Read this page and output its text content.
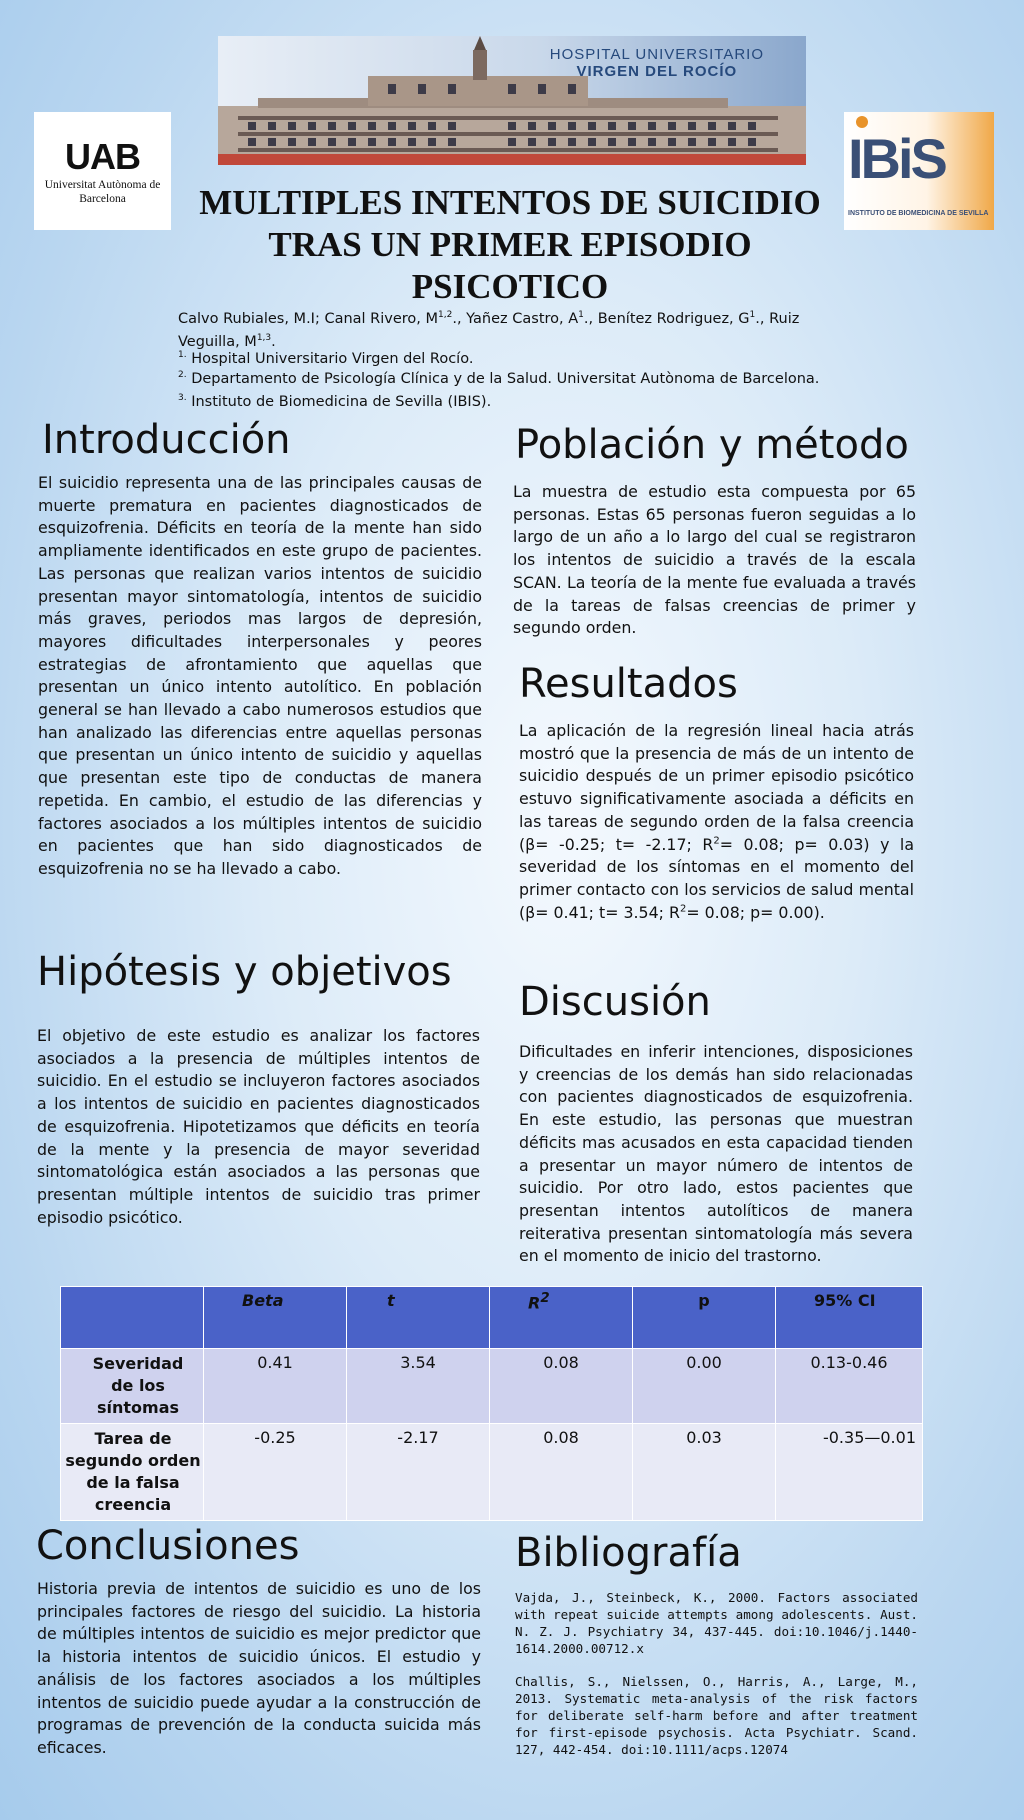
UAB
Universitat Autònoma de Barcelona
HOSPITAL UNIVERSITARIO
VIRGEN DEL ROCÍO
IBiS
INSTITUTO DE BIOMEDICINA DE SEVILLA
MULTIPLES INTENTOS DE SUICIDIO
TRAS UN PRIMER EPISODIO
PSICOTICO
Calvo Rubiales, M.I; Canal Rivero, M$^{1,2}$., Yañez Castro, $A^1$., Benítez Rodriguez, $G^1$., Ruiz Veguilla, M$^{1,3}$.
$^{1.}$ Hospital Universitario Virgen del Rocío.
$^{2.}$ Departamento de Psicología Clínica y de la Salud. Universitat Autònoma de Barcelona.
$^{3.}$ Instituto de Biomedicina de Sevilla (IBIS).
Introducción
El suicidio representa una de las principales causas de muerte prematura en pacientes diagnosticados de esquizofrenia. Déficits en teoría de la mente han sido ampliamente identificados en este grupo de pacientes. Las personas que realizan varios intentos de suicidio presentan mayor sintomatología, intentos de suicidio más graves, periodos mas largos de depresión, mayores dificultades interpersonales y peores estrategias de afrontamiento que aquellas que presentan un único intento autolítico. En población general se han llevado a cabo numerosos estudios que han analizado las diferencias entre aquellas personas que presentan un único intento de suicidio y aquellas que presentan este tipo de conductas de manera repetida. En cambio, el estudio de las diferencias y factores asociados a los múltiples intentos de suicidio en pacientes que han sido diagnosticados de esquizofrenia no se ha llevado a cabo.
Hipótesis y objetivos
El objetivo de este estudio es analizar los factores asociados a la presencia de múltiples intentos de suicidio. En el estudio se incluyeron factores asociados a los intentos de suicidio en pacientes diagnosticados de esquizofrenia. Hipotetizamos que déficits en teoría de la mente y la presencia de mayor severidad sintomatológica están asociados a las personas que presentan múltiple intentos de suicidio tras primer episodio psicótico.
Población y método
La muestra de estudio esta compuesta por 65 personas. Estas 65 personas fueron seguidas a lo largo de un año a lo largo del cual se registraron los intentos de suicidio a través de la escala SCAN. La teoría de la mente fue evaluada a través de la tareas de falsas creencias de primer y segundo orden.
Resultados
La aplicación de la regresión lineal hacia atrás mostró que la presencia de más de un intento de suicidio después de un primer episodio psicótico estuvo significativamente asociada a déficits en las tareas de segundo orden de la falsa creencia (β= -0.25; t= -2.17; $R^2= 0.08$; p= 0.03) y la severidad de los síntomas en el momento del primer contacto con los servicios de salud mental (β= 0.41; t= 3.54; $R^2= 0.08$; p= 0.00).
Discusión
Dificultades en inferir intenciones, disposiciones y creencias de los demás han sido relacionadas con pacientes diagnosticados de esquizofrenia. En este estudio, las personas que muestran déficits mas acusados en esta capacidad tienden a presentar un mayor número de intentos de suicidio. Por otro lado, estos pacientes que presentan intentos autolíticos de manera reiterativa presentan sintomatología más severa en el momento de inicio del trastorno.
	Beta	t	$R^2$	p	95% CI
Severidad de los síntomas	0.41	3.54	0.08	0.00	0.13-0.46
Tarea de segundo orden de la falsa creencia	-0.25	-2.17	0.08	0.03	-0.35—0.01
Conclusiones
Historia previa de intentos de suicidio es uno de los principales factores de riesgo del suicidio. La historia de múltiples intentos de suicidio es mejor predictor que la historia intentos de suicidio únicos. El estudio y análisis de los factores asociados a los múltiples intentos de suicidio puede ayudar a la construcción de programas de prevención de la conducta suicida más eficaces.
Bibliografía
Vajda, J., Steinbeck, K., 2000. Factors associated with repeat suicide attempts among adolescents. Aust. N. Z. J. Psychiatry 34, 437-445. doi:10.1046/j.1440-1614.2000.00712.x
Challis, S., Nielssen, O., Harris, A., Large, M., 2013. Systematic meta-analysis of the risk factors for deliberate self-harm before and after treatment for first-episode psychosis. Acta Psychiatr. Scand. 127, 442-454. doi:10.1111/acps.12074
